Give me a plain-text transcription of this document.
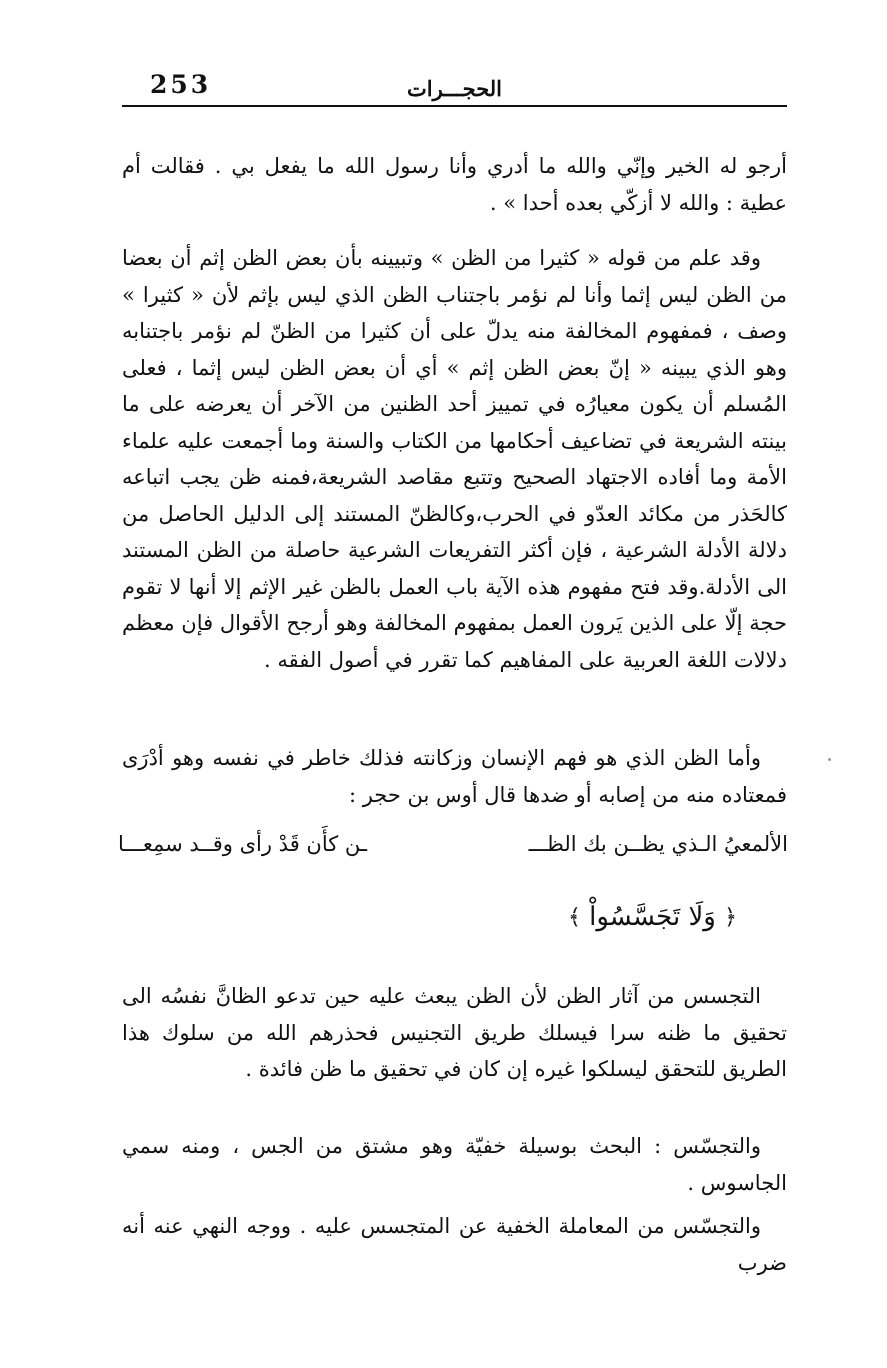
الحجـــرات
253

أرجو له الخير وإنّي والله ما أدري وأنا رسول الله ما يفعل بي . فقالت أم عطية : والله لا أزكّي بعده أحدا » .

وقد علم من قوله « كثيرا من الظن » وتبيينه بأن بعض الظن إثم أن بعضا من الظن ليس إثما وأنا لم نؤمر باجتناب الظن الذي ليس بإثم لأن « كثيرا » وصف ، فمفهوم المخالفة منه يدلّ على أن كثيرا من الظنّ لم نؤمر باجتنابه وهو الذي يبينه « إنّ بعض الظن إثم » أي أن بعض الظن ليس إثما ، فعلى المُسلم أن يكون معيارُه في تمييز أحد الظنين من الآخر أن يعرضه على ما بينته الشريعة في تضاعيف أحكامها من الكتاب والسنة وما أجمعت عليه علماء الأمة وما أفاده الاجتهاد الصحيح وتتبع مقاصد الشريعة،فمنه ظن يجب اتباعه كالحَذر من مكائد العدّو في الحرب،وكالظنّ المستند إلى الدليل الحاصل من دلالة الأدلة الشرعية ، فإن أكثر التفريعات الشرعية حاصلة من الظن المستند الى الأدلة.وقد فتح مفهوم هذه الآية باب العمل بالظن غير الإثم إلا أنها لا تقوم حجة إلّا على الذين يَرون العمل بمفهوم المخالفة وهو أرجح الأقوال فإن معظم دلالات اللغة العربية على المفاهيم كما تقرر في أصول الفقه .

وأما الظن الذي هو فهم الإنسان وزكانته فذلك خاطر في نفسه وهو أدْرَى فمعتاده منه من إصابه أو ضدها قال أوس بن حجر :

الألمعيُ الـذي يظــن بك الظـــ
ـن كأَن قَدْ رأى وقــد سمِعـــا
﴿ وَلَا تَجَسَّسُواْ ﴾

التجسس من آثار الظن لأن الظن يبعث عليه حين تدعو الظانَّ نفسُه الى تحقيق ما ظنه سرا فيسلك طريق التجنيس فحذرهم الله من سلوك هذا الطريق للتحقق ليسلكوا غيره إن كان في تحقيق ما ظن فائدة .

والتجسّس : البحث بوسيلة خفيّة وهو مشتق من الجس ، ومنه سمي الجاسوس .

والتجسّس من المعاملة الخفية عن المتجسس عليه . ووجه النهي عنه أنه ضرب
